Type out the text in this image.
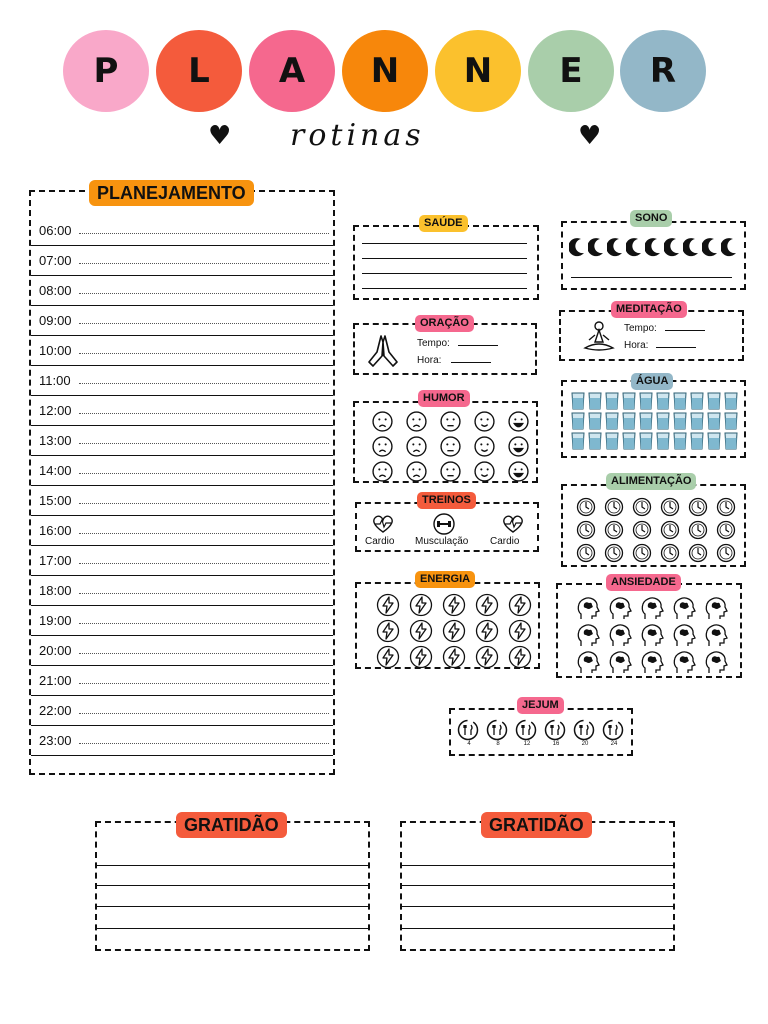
P	L	A	N	N	E	R
♥ rotinas	♥
06:00
07:00
08:00
09:00
10:00
11:00
12:00
13:00
14:00
15:00
16:00
17:00
18:00
19:00
20:00
21:00
22:00
23:00
PLANEJAMENTO
SAÚDE	SONO
Tempo:
Hora:
ORAÇÃO	Tempo:
Hora:
MEDITAÇÃO
HUMOR
ÁGUA
Cardio Musculação Cardio
TREINOS
ALIMENTAÇÃO
ENERGIA	ANSIEDADE
4	8	12	16	20	24
JEJUM
GRATIDÃO	GRATIDÃO
